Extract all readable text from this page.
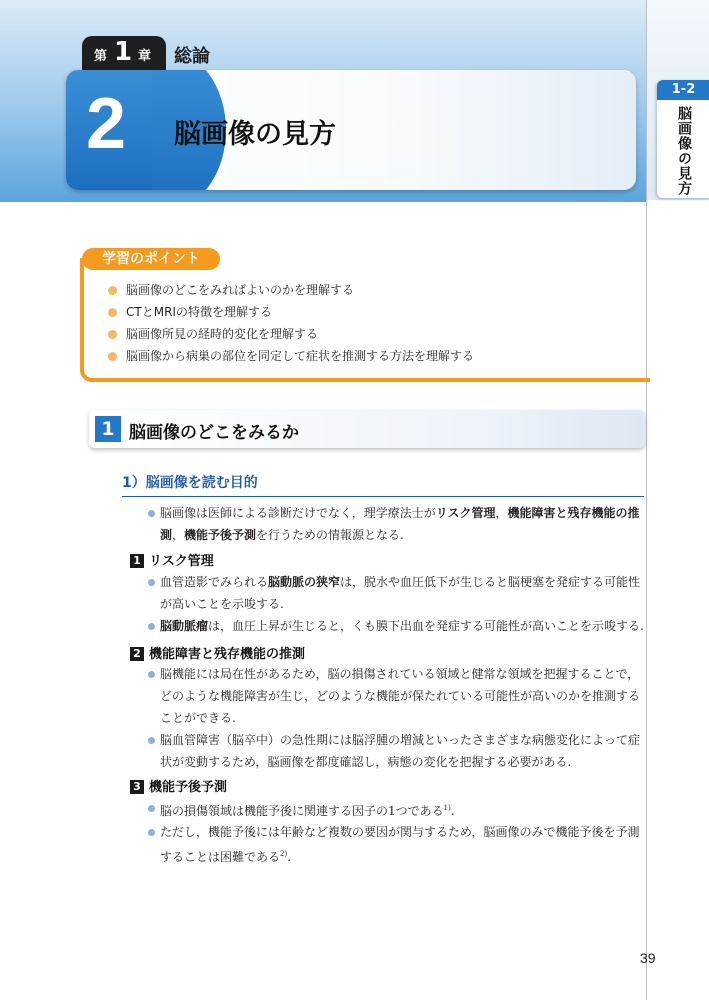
1-2
脳画像の見方
第 1 章 総論
2 脳画像の見方
学習のポイント
脳画像のどこをみればよいのかを理解する
CTとMRIの特徴を理解する
脳画像所見の経時的変化を理解する
脳画像から病巣の部位を同定して症状を推測する方法を理解する
1 脳画像のどこをみるか
1）脳画像を読む目的
脳画像は医師による診断だけでなく，理学療法士がリスク管理，機能障害と残存機能の推測，機能予後予測を行うための情報源となる.
1 リスク管理
血管造影でみられる脳動脈の狭窄は，脱水や血圧低下が生じると脳梗塞を発症する可能性が高いことを示唆する.
脳動脈瘤は，血圧上昇が生じると，くも膜下出血を発症する可能性が高いことを示唆する.
2 機能障害と残存機能の推測
脳機能には局在性があるため，脳の損傷されている領域と健常な領域を把握することで，どのような機能障害が生じ，どのような機能が保たれている可能性が高いのかを推測することができる.
脳血管障害（脳卒中）の急性期には脳浮腫の増減といったさまざまな病態変化によって症状が変動するため，脳画像を都度確認し，病態の変化を把握する必要がある.
3 機能予後予測
脳の損傷領域は機能予後に関連する因子の1つである$^{1)}$.
ただし，機能予後には年齢など複数の要因が関与するため，脳画像のみで機能予後を予測することは困難である$^{2)}$.
39
